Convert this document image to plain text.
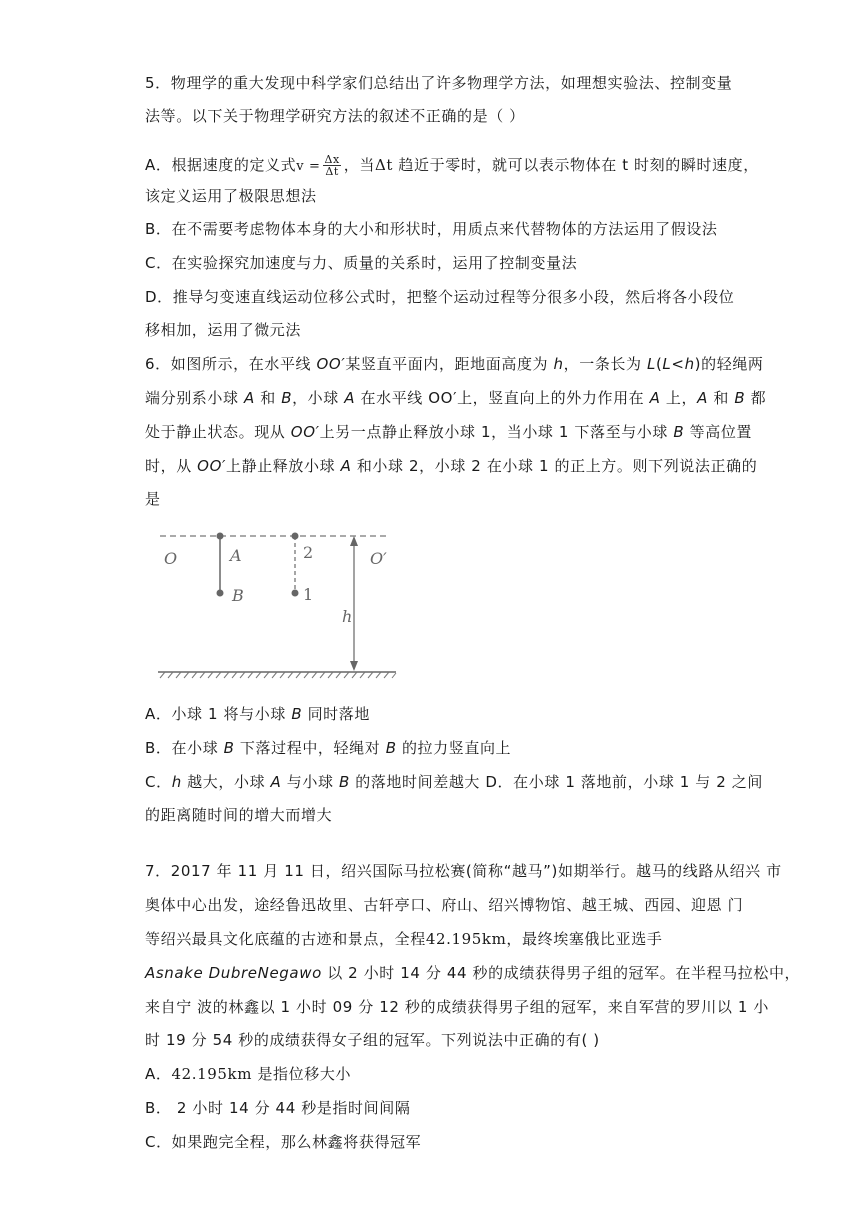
5．物理学的重大发现中科学家们总结出了许多物理学方法，如理想实验法、控制变量
法等。以下关于物理学研究方法的叙述不正确的是（ ）
A．根据速度的定义式$v = \frac{\Delta x}{\Delta t}$ ，当Δt 趋近于零时，就可以表示物体在 t 时刻的瞬时速度，
该定义运用了极限思想法
B．在不需要考虑物体本身的大小和形状时，用质点来代替物体的方法运用了假设法
C．在实验探究加速度与力、质量的关系时，运用了控制变量法
D．推导匀变速直线运动位移公式时，把整个运动过程等分很多小段，然后将各小段位
移相加，运用了微元法
6．如图所示，在水平线 OO′某竖直平面内，距地面高度为 h，一条长为 L(L<h)的轻绳两
端分别系小球 A 和 B，小球 A 在水平线 OO′上，竖直向上的外力作用在 A 上，A 和 B 都
处于静止状态。现从 OO′上另一点静止释放小球 1，当小球 1 下落至与小球 B 等高位置
时，从 OO′上静止释放小球 A 和小球 2，小球 2 在小球 1 的正上方。则下列说法正确的
是
O	A
B
2
1
O′
h
A．小球 1 将与小球 B 同时落地
B．在小球 B 下落过程中，轻绳对 B 的拉力竖直向上
C．h 越大，小球 A 与小球 B 的落地时间差越大 D．在小球 1 落地前，小球 1 与 2 之间
的距离随时间的增大而增大
7．2017 年 11 月 11 日，绍兴国际马拉松赛(简称“越马”)如期举行。越马的线路从绍兴 市
奥体中心出发，途经鲁迅故里、古轩亭口、府山、绍兴博物馆、越王城、西园、迎恩 门
等绍兴最具文化底蕴的古迹和景点，全程42.195km，最终埃塞俄比亚选手
Asnake DubreNegawo 以 2 小时 14 分 44 秒的成绩获得男子组的冠军。在半程马拉松中，
来自宁 波的林鑫以 1 小时 09 分 12 秒的成绩获得男子组的冠军，来自军营的罗川以 1 小
时 19 分 54 秒的成绩获得女子组的冠军。下列说法中正确的有( )
A．42.195km 是指位移大小
B． 2 小时 14 分 44 秒是指时间间隔
C．如果跑完全程，那么林鑫将获得冠军
